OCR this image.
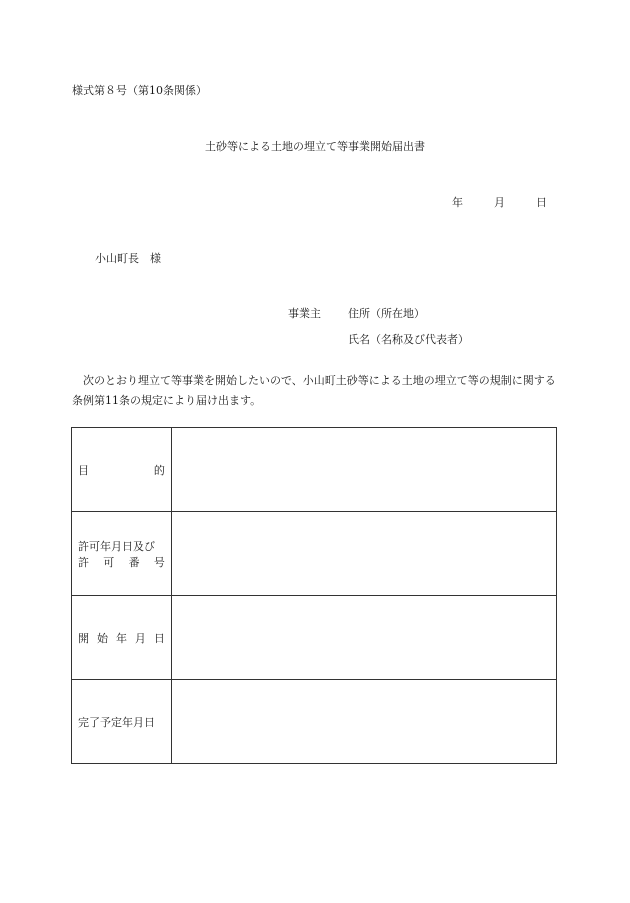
様式第８号（第10条関係）
土砂等による土地の埋立て等事業開始届出書
年	月	日
小山町長　様
事業主 住所（所在地）
氏名（名称及び代表者）
次のとおり埋立て等事業を開始したいので、小山町土砂等による土地の埋立て等の規制に関する条例第11条の規定により届け出ます。
目 的	

許可年月日及び
許 可 番 号	

開 始 年 月 日	

完了予定年月日	
